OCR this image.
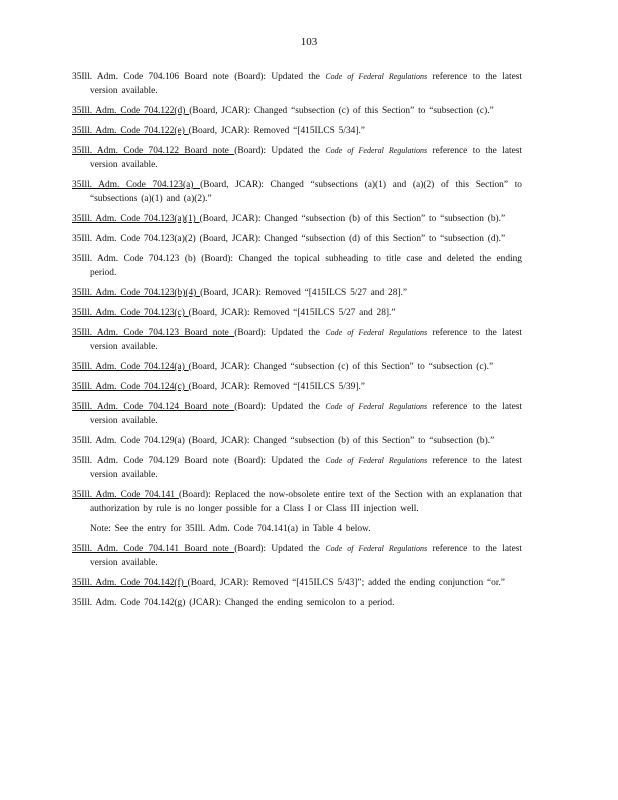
103
35Ill. Adm. Code 704.106 Board note (Board): Updated the Code of Federal Regulations reference to the latest version available.
35Ill. Adm. Code 704.122(d) (Board, JCAR): Changed “subsection (c) of this Section” to “subsection (c).”
35Ill. Adm. Code 704.122(e) (Board, JCAR): Removed “[415ILCS 5/34].”
35Ill. Adm. Code 704.122 Board note (Board): Updated the Code of Federal Regulations reference to the latest version available.
35Ill. Adm. Code 704.123(a) (Board, JCAR): Changed “subsections (a)(1) and (a)(2) of this Section” to “subsections (a)(1) and (a)(2).”
35Ill. Adm. Code 704.123(a)(1) (Board, JCAR): Changed “subsection (b) of this Section” to “subsection (b).”
35Ill. Adm. Code 704.123(a)(2) (Board, JCAR): Changed “subsection (d) of this Section” to “subsection (d).”
35Ill. Adm. Code 704.123 (b) (Board): Changed the topical subheading to title case and deleted the ending period.
35Ill. Adm. Code 704.123(b)(4) (Board, JCAR): Removed “[415ILCS 5/27 and 28].”
35Ill. Adm. Code 704.123(c) (Board, JCAR): Removed “[415ILCS 5/27 and 28].”
35Ill. Adm. Code 704.123 Board note (Board): Updated the Code of Federal Regulations reference to the latest version available.
35Ill. Adm. Code 704.124(a) (Board, JCAR): Changed “subsection (c) of this Section” to “subsection (c).”
35Ill. Adm. Code 704.124(c) (Board, JCAR): Removed “[415ILCS 5/39].”
35Ill. Adm. Code 704.124 Board note (Board): Updated the Code of Federal Regulations reference to the latest version available.
35Ill. Adm. Code 704.129(a) (Board, JCAR): Changed “subsection (b) of this Section” to “subsection (b).”
35Ill. Adm. Code 704.129 Board note (Board): Updated the Code of Federal Regulations reference to the latest version available.
35Ill. Adm. Code 704.141 (Board): Replaced the now-obsolete entire text of the Section with an explanation that authorization by rule is no longer possible for a Class I or Class III injection well.
Note: See the entry for 35Ill. Adm. Code 704.141(a) in Table 4 below.
35Ill. Adm. Code 704.141 Board note (Board): Updated the Code of Federal Regulations reference to the latest version available.
35Ill. Adm. Code 704.142(f) (Board, JCAR): Removed “[415ILCS 5/43]”; added the ending conjunction “or.”
35Ill. Adm. Code 704.142(g) (JCAR): Changed the ending semicolon to a period.
